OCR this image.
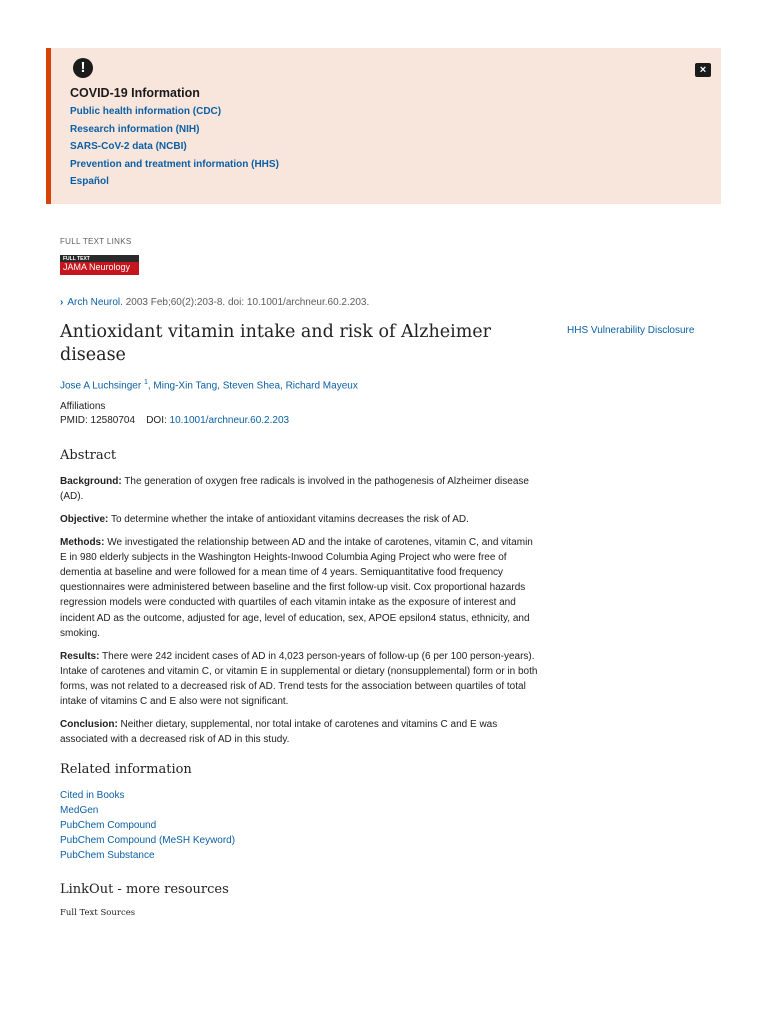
!	×
COVID-19 Information
Public health information (CDC)
Research information (NIH)
SARS-CoV-2 data (NCBI)
Prevention and treatment information (HHS)
Español
FULL TEXT LINKS
FULL TEXT
JAMA Neurology
› Arch Neurol. 2003 Feb;60(2):203-8. doi: 10.1001/archneur.60.2.203.
Antioxidant vitamin intake and risk of Alzheimer disease
HHS Vulnerability Disclosure
Jose A Luchsinger $^1$, Ming-Xin Tang, Steven Shea, Richard Mayeux
Affiliations
PMID: 12580704 DOI: 10.1001/archneur.60.2.203
Abstract

Background: The generation of oxygen free radicals is involved in the pathogenesis of Alzheimer disease (AD).

Objective: To determine whether the intake of antioxidant vitamins decreases the risk of AD.

Methods: We investigated the relationship between AD and the intake of carotenes, vitamin C, and vitamin E in 980 elderly subjects in the Washington Heights-Inwood Columbia Aging Project who were free of dementia at baseline and were followed for a mean time of 4 years. Semiquantitative food frequency questionnaires were administered between baseline and the first follow-up visit. Cox proportional hazards regression models were conducted with quartiles of each vitamin intake as the exposure of interest and incident AD as the outcome, adjusted for age, level of education, sex, APOE epsilon4 status, ethnicity, and smoking.

Results: There were 242 incident cases of AD in 4,023 person-years of follow-up (6 per 100 person-years). Intake of carotenes and vitamin C, or vitamin E in supplemental or dietary (nonsupplemental) form or in both forms, was not related to a decreased risk of AD. Trend tests for the association between quartiles of total intake of vitamins C and E also were not significant.

Conclusion: Neither dietary, supplemental, nor total intake of carotenes and vitamins C and E was associated with a decreased risk of AD in this study.

Related information
Cited in Books
MedGen
PubChem Compound
PubChem Compound (MeSH Keyword)
PubChem Substance
LinkOut - more resources
Full Text Sources
